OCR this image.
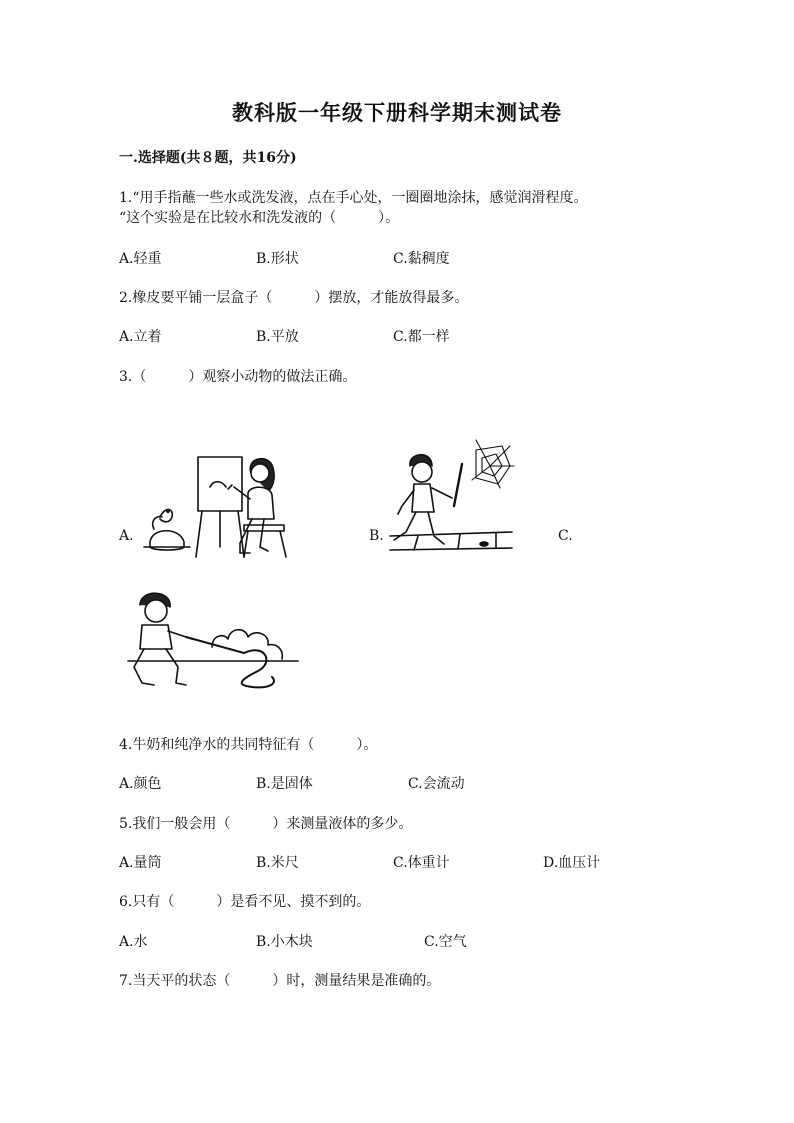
教科版一年级下册科学期末测试卷
一.选择题(共８题，共16分)
1.“用手指蘸一些水或洗发液，点在手心处，一圈圈地涂抹，感觉润滑程度。
“这个实验是在比较水和洗发液的（　　　）。
A.轻重	B.形状	C.黏稠度
2.橡皮要平铺一层盒子（　　　）摆放，才能放得最多。
A.立着	B.平放	C.都一样
3.（　　　）观察小动物的做法正确。
A.	B.	C.
4.牛奶和纯净水的共同特征有（　　　）。
A.颜色	B.是固体	C.会流动
5.我们一般会用（　　　）来测量液体的多少。
A.量筒	B.米尺	C.体重计	D.血压计
6.只有（　　　）是看不见、摸不到的。
A.水	B.小木块	C.空气
7.当天平的状态（　　　）时，测量结果是准确的。
